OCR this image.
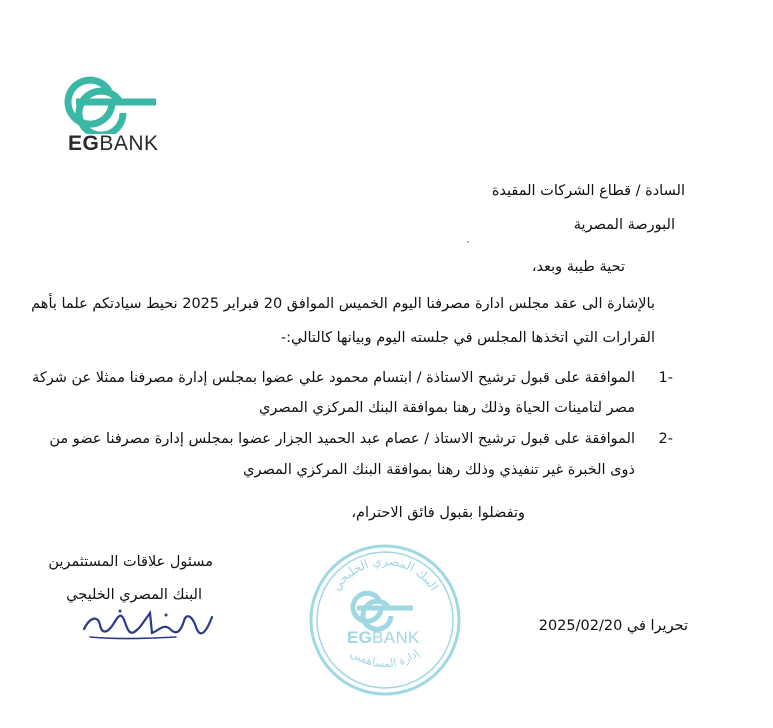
EGBANK
السادة / قطاع الشركات المقيدة
البورصة المصرية
تحية طيبة وبعد،
بالإشارة الى عقد مجلس ادارة مصرفنا اليوم الخميس الموافق 20 فبراير 2025 نحيط سيادتكم علما بأهم
القرارات التي اتخذها المجلس في جلسته اليوم وبيانها كالتالي:-
1-
الموافقة على قبول ترشيح الاستاذة / ابتسام محمود علي عضوا بمجلس إدارة مصرفنا ممثلا عن شركة
مصر لتامينات الحياة وذلك رهنا بموافقة البنك المركزي المصري
2-
الموافقة على قبول ترشيح الاستاذ / عصام عبد الحميد الجزار عضوا بمجلس إدارة مصرفنا عضو من
ذوى الخبرة غير تنفيذي وذلك رهنا بموافقة البنك المركزي المصري
وتفضلوا بقبول فائق الاحترام،
مسئول علاقات المستثمرين
البنك المصري الخليجي
البنك المصري الخليجي
إدارة المساهمين
EGBANK
تحريرا في 2025/02/20
